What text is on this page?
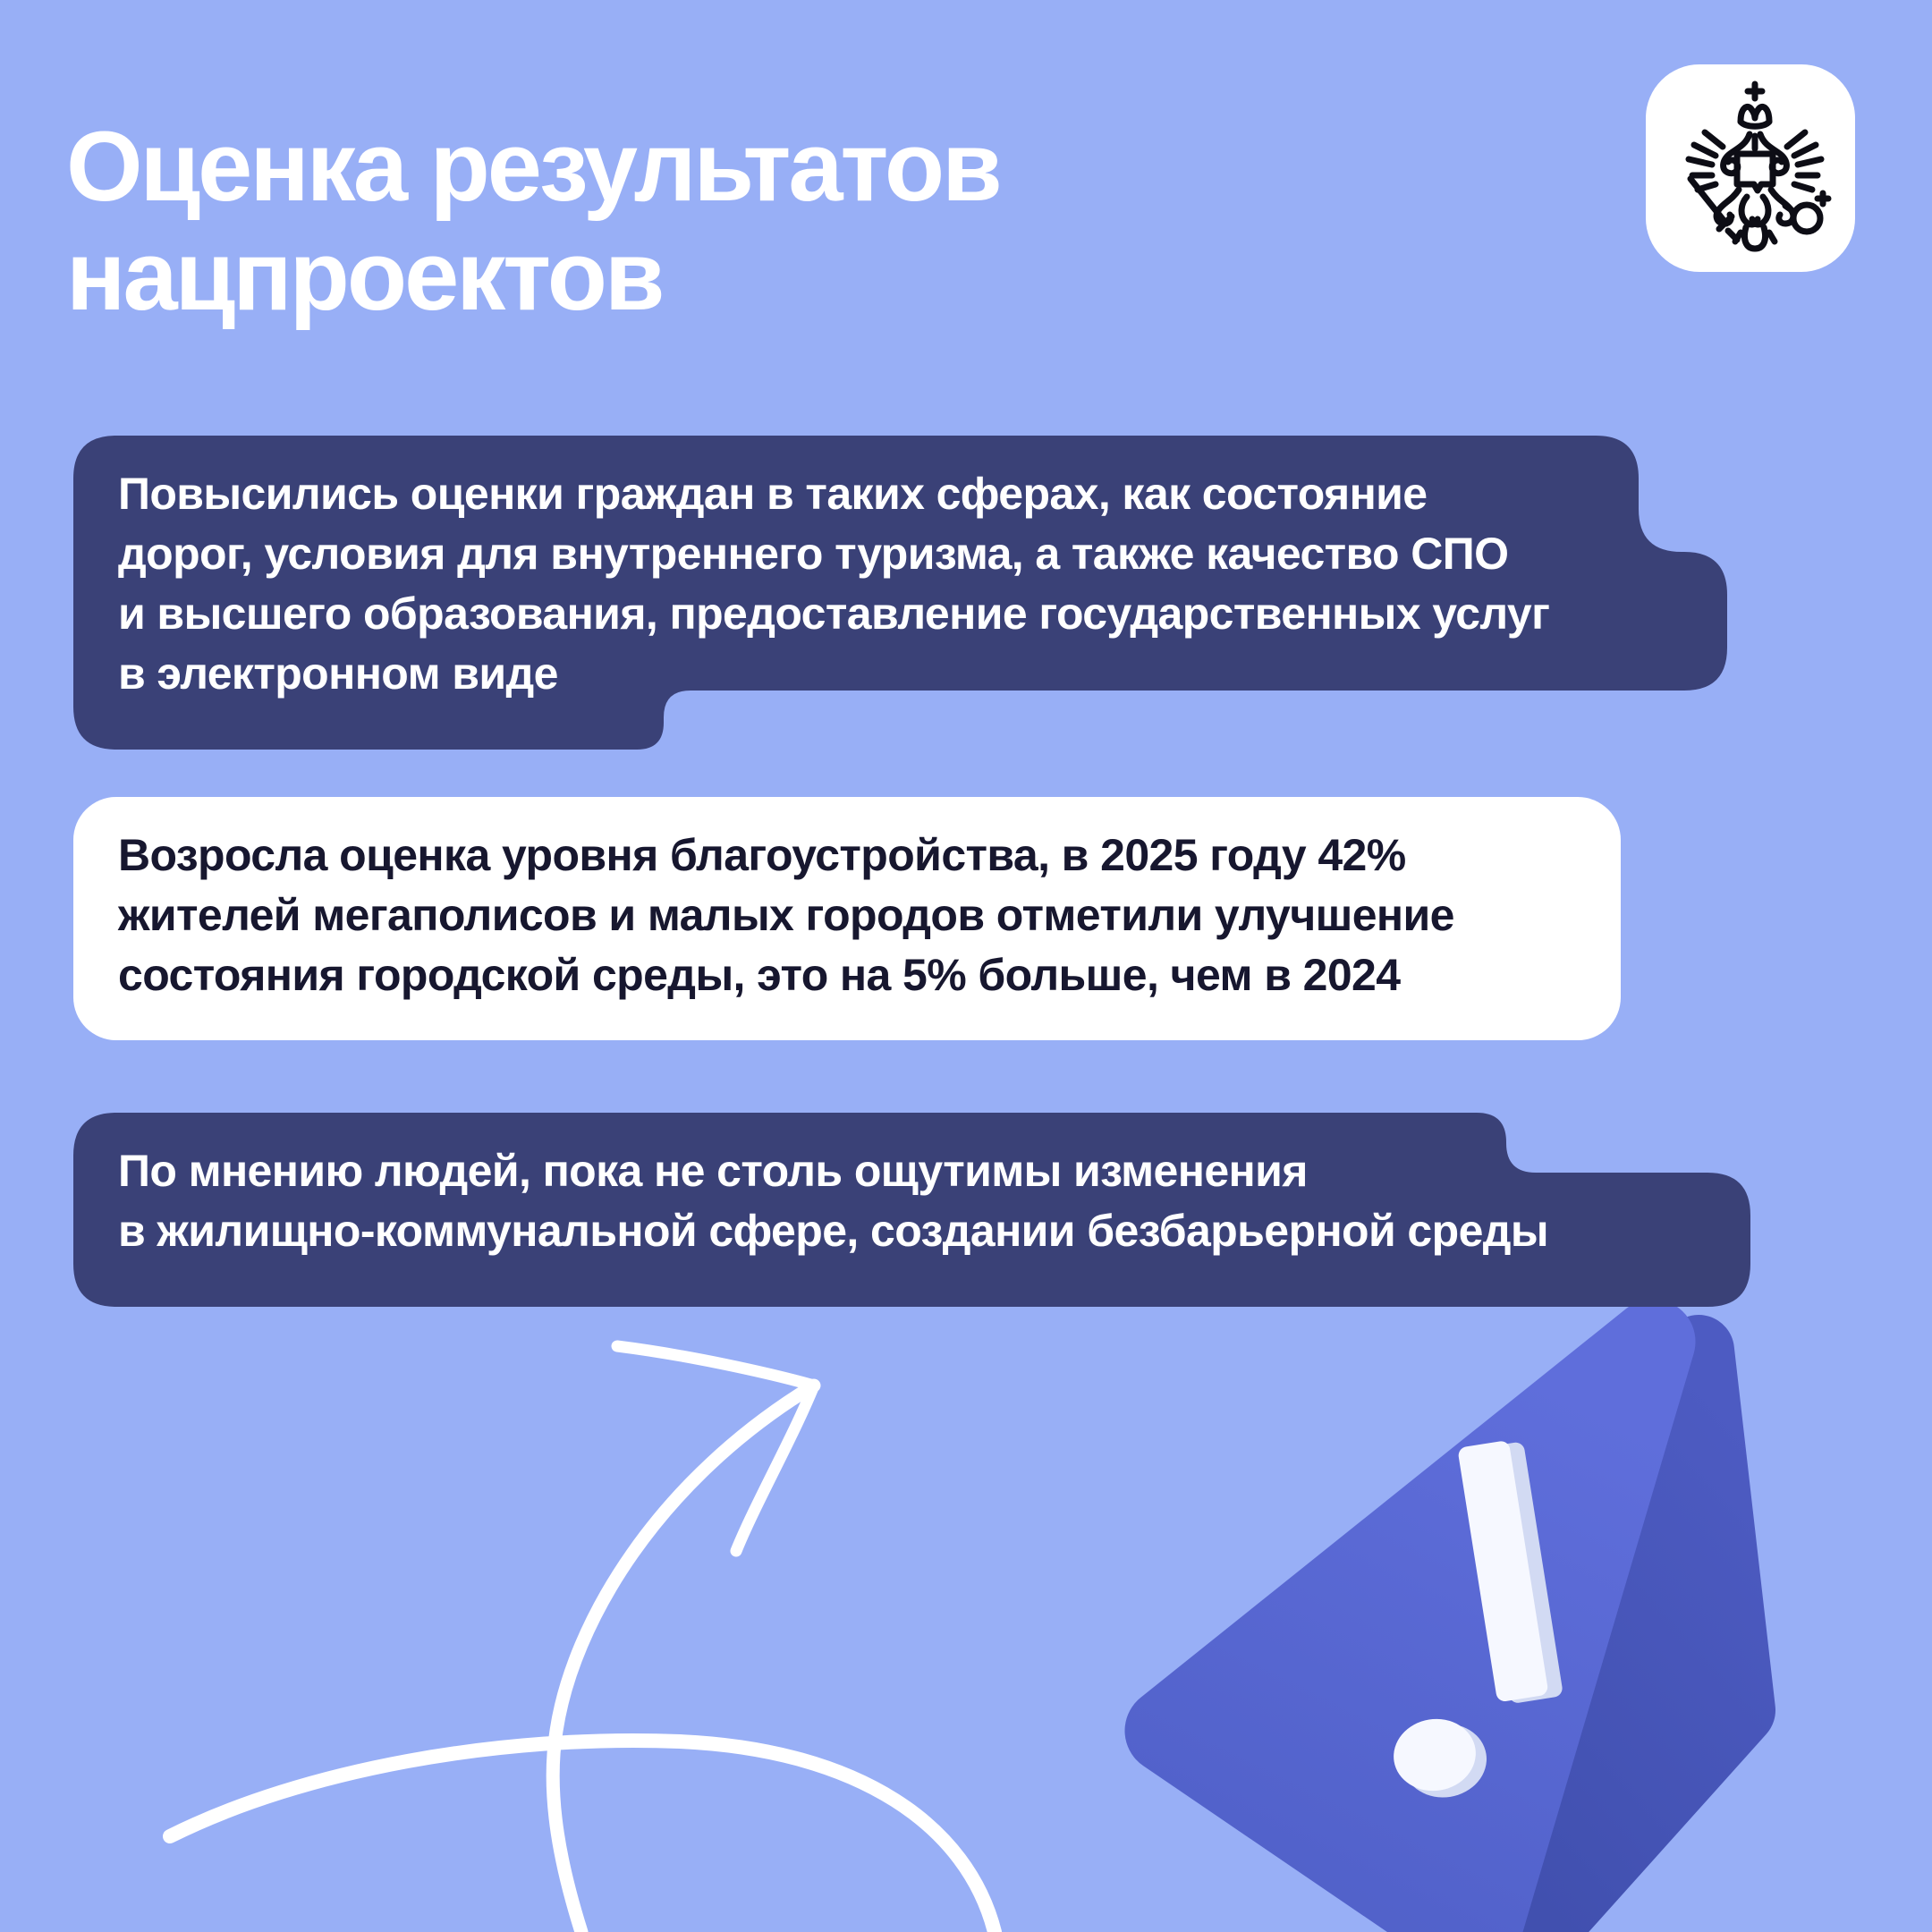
Оценка результатов
нацпроектов
Повысились оценки граждан в таких сферах, как состояние
дорог, условия для внутреннего туризма, а также качество СПО
и высшего образования, предоставление государственных услуг
в электронном виде
Возросла оценка уровня благоустройства, в 2025 году 42%
жителей мегаполисов и малых городов отметили улучшение
состояния городской среды, это на 5% больше, чем в 2024
По мнению людей, пока не столь ощутимы изменения
в жилищно-коммунальной сфере, создании безбарьерной среды
